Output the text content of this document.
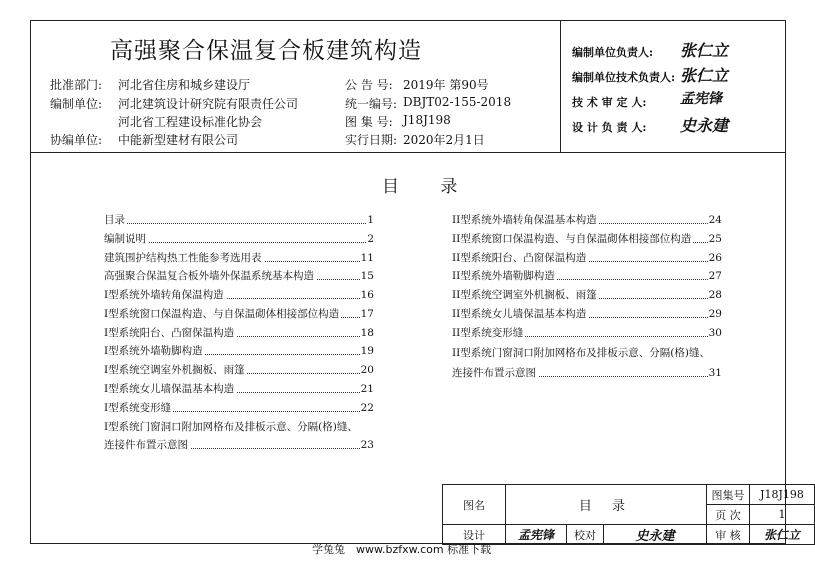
高强聚合保温复合板建筑构造
批准部门: 河北省住房和城乡建设厅
编制单位: 河北建筑设计研究院有限责任公司
河北省工程建设标准化协会
协编单位: 中能新型建材有限公司
公 告 号: 2019年 第90号
统一编号: DBJT02-155-2018
图 集 号: J18J198
实行日期: 2020年2月1日
编制单位负责人: 张仁立
编制单位技术负责人: 张仁立
技 术 审 定 人: 孟宪锋
设 计 负 责 人: 史永建
目 录
目录	1
编制说明	2
建筑围护结构热工性能参考选用表	11
高强聚合保温复合板外墙外保温系统基本构造	15
I型系统外墙转角保温构造	16
I型系统窗口保温构造、与自保温砌体相接部位构造 17
I型系统阳台、凸窗保温构造	18
I型系统外墙勒脚构造	19
I型系统空调室外机搁板、雨篷	20
I型系统女儿墙保温基本构造	21
I型系统变形缝	22
I型系统门窗洞口附加网格布及排板示意、分隔(格)缝、
连接件布置示意图	23
II型系统外墙转角保温基本构造	24
II型系统窗口保温构造、与自保温砌体相接部位构造 25
II型系统阳台、凸窗保温构造	26
II型系统外墙勒脚构造	27
II型系统空调室外机搁板、雨篷	28
II型系统女儿墙保温基本构造	29
II型系统变形缝	30
II型系统门窗洞口附加网格布及排板示意、分隔(格)缝、
连接件布置示意图	31
图名	目 录			图集号	J18J198
				页 次	1
设计	孟宪锋	校对	史永建	审 核	张仁立
学兔兔　www.bzfxw.com 标准下载
